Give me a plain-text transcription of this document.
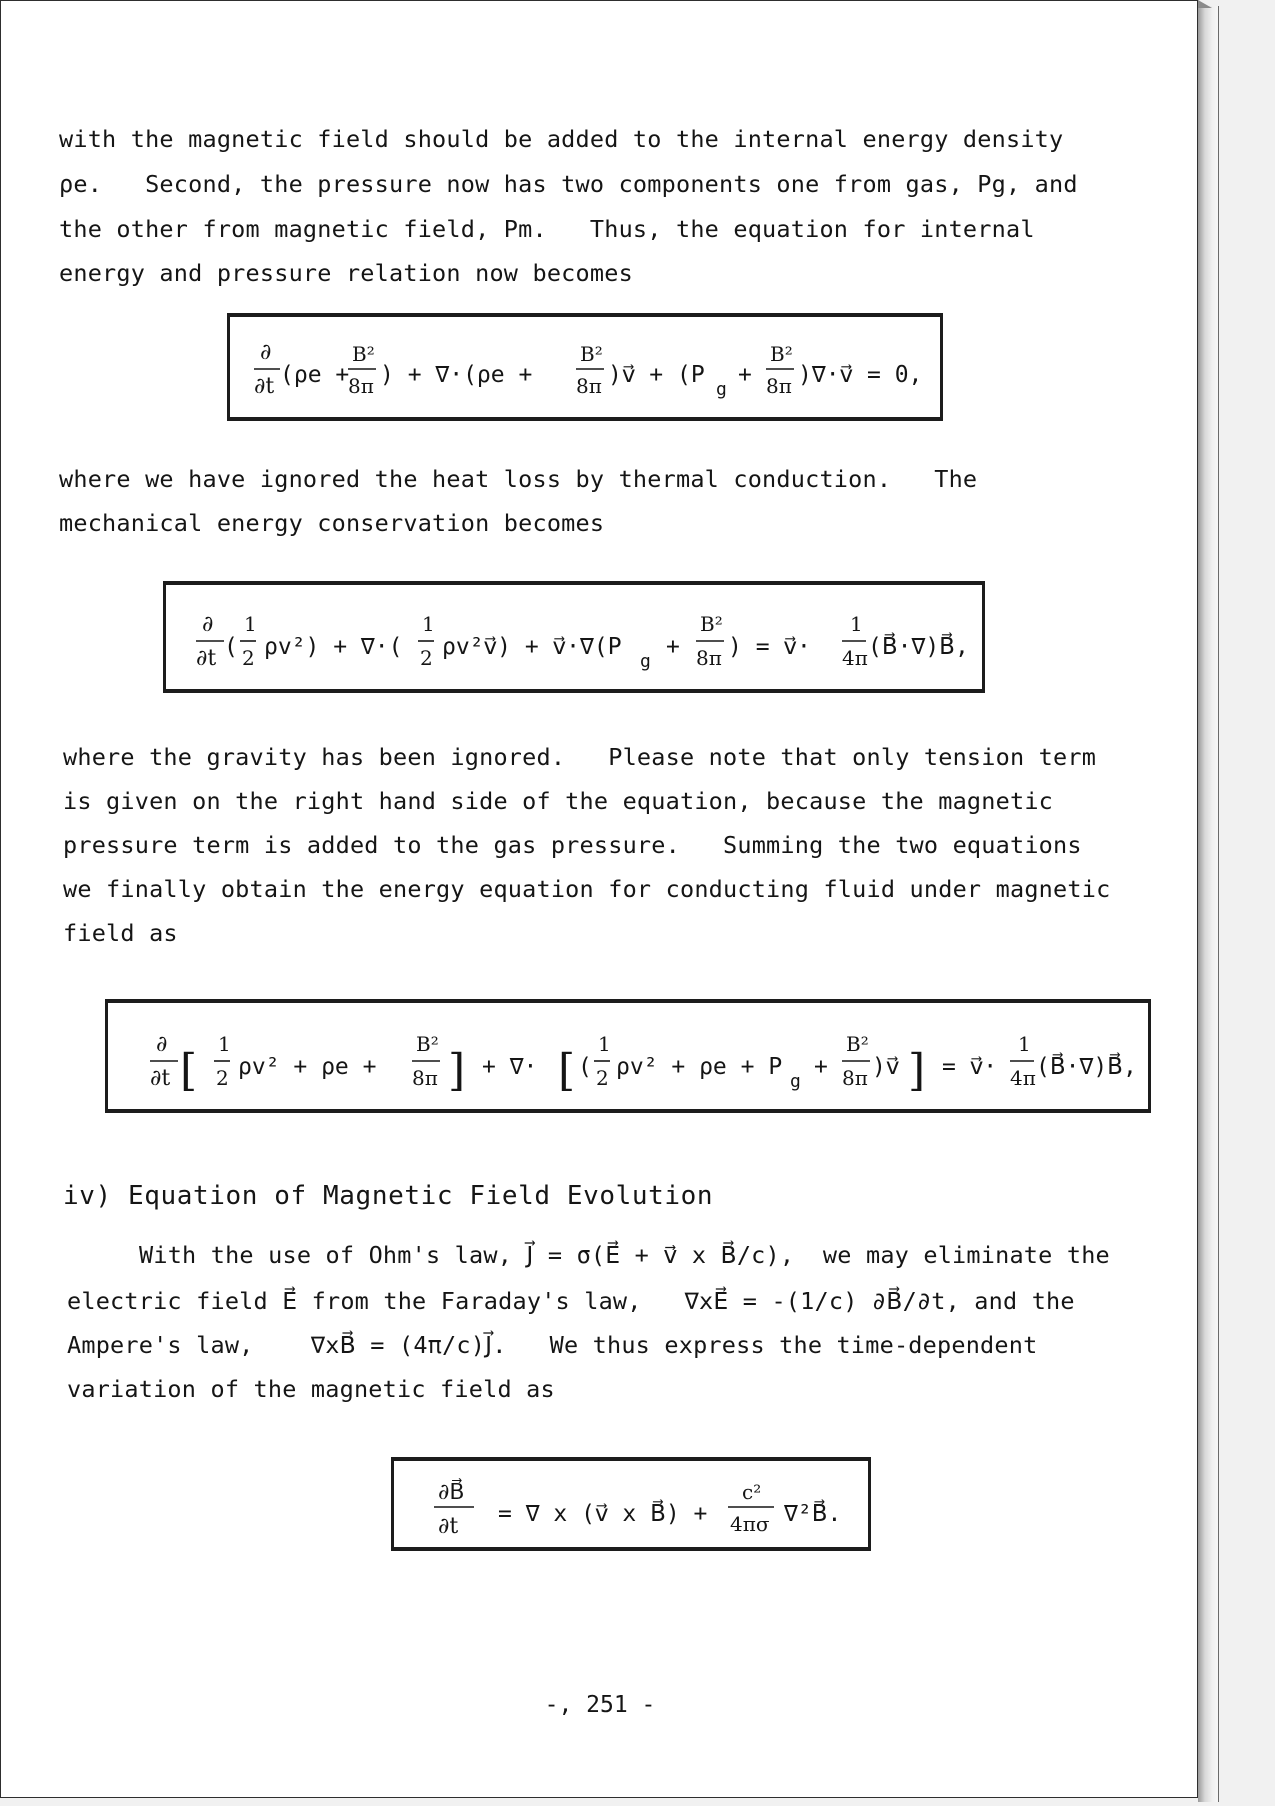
with the magnetic field should be added to the internal energy density
ρe.   Second, the pressure now has two components one from gas, Pg, and
the other from magnetic field, Pm.   Thus, the equation for internal
energy and pressure relation now becomes
∂
∂t (ρe +
B²
8π ) + ∇·(ρe +
B²
8π )v⃗ + (P
g
+
B²
8π )∇·v⃗ = 0,
where we have ignored the heat loss by thermal conduction.   The
mechanical energy conservation becomes
∂
∂t (
1
2 ρv²) + ∇·(
1
2 ρv²v⃗) + v⃗·∇(P
g
+
B²
8π ) = v⃗·
1
4π (B⃗·∇)B⃗,
where the gravity has been ignored.   Please note that only tension term
is given on the right hand side of the equation, because the magnetic
pressure term is added to the gas pressure.   Summing the two equations
we finally obtain the energy equation for conducting fluid under magnetic
field as
∂
∂t [
1
2 ρv² + ρe +
B²
8π ] + ∇· [ (
1
2 ρv² + ρe + P
g
+
B²
8π )v⃗ ] = v⃗·
1
4π (B⃗·∇)B⃗,
iv) Equation of Magnetic Field Evolution
With the use of Ohm's law, J⃗ = σ(E⃗ + v⃗ x B⃗/c),  we may eliminate the
electric field E⃗ from the Faraday's law,   ∇xE⃗ = -(1/c) ∂B⃗/∂t, and the
Ampere's law,    ∇xB⃗ = (4π/c)J⃗.   We thus express the time-dependent
variation of the magnetic field as
∂B⃗
∂t = ∇ x (v⃗ x B⃗) +
c²
4πσ ∇²B⃗.
-, 251 -
